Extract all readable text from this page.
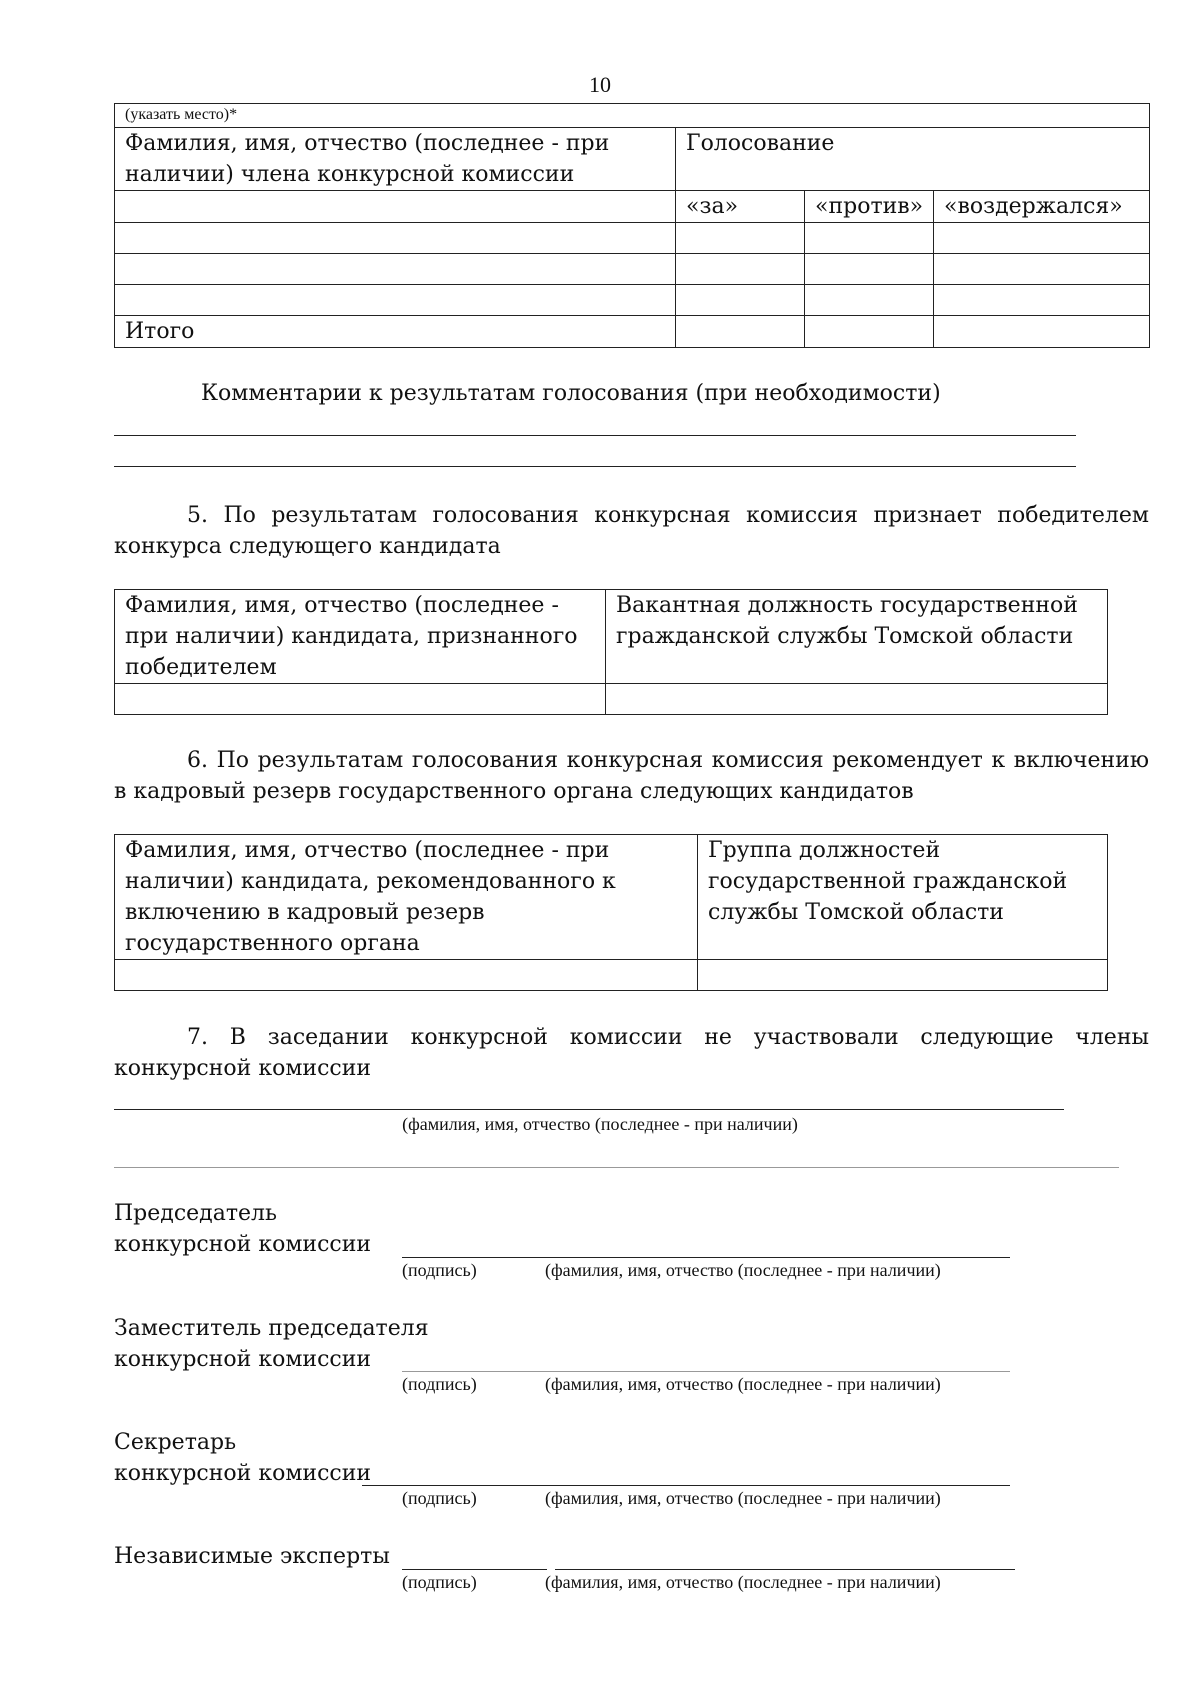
10
(указать место)*			
Фамилия, имя, отчество (последнее - при наличии) члена конкурсной комиссии	Голосование		
	«за»	«против»	«воздержался»

Итого			
Комментарии к результатам голосования (при необходимости)
5. По результатам голосования конкурсная комиссия признает победителем конкурса следующего кандидата
Фамилия, имя, отчество (последнее - при наличии) кандидата, признанного победителем	Вакантная должность государственной гражданской службы Томской области

6. По результатам голосования конкурсная комиссия рекомендует к включению в кадровый резерв государственного органа следующих кандидатов
Фамилия, имя, отчество (последнее - при наличии) кандидата, рекомендованного к включению в кадровый резерв государственного органа	Группа должностей государственной гражданской службы Томской области

7. В заседании конкурсной комиссии не участвовали следующие члены конкурсной комиссии
(фамилия, имя, отчество (последнее - при наличии)
Председатель
конкурсной комиссии
(подпись)	(фамилия, имя, отчество (последнее - при наличии)
Заместитель председателя
конкурсной комиссии
(подпись)	(фамилия, имя, отчество (последнее - при наличии)
Секретарь
конкурсной комиссии
(подпись)	(фамилия, имя, отчество (последнее - при наличии)
Независимые эксперты
(подпись)	(фамилия, имя, отчество (последнее - при наличии)
